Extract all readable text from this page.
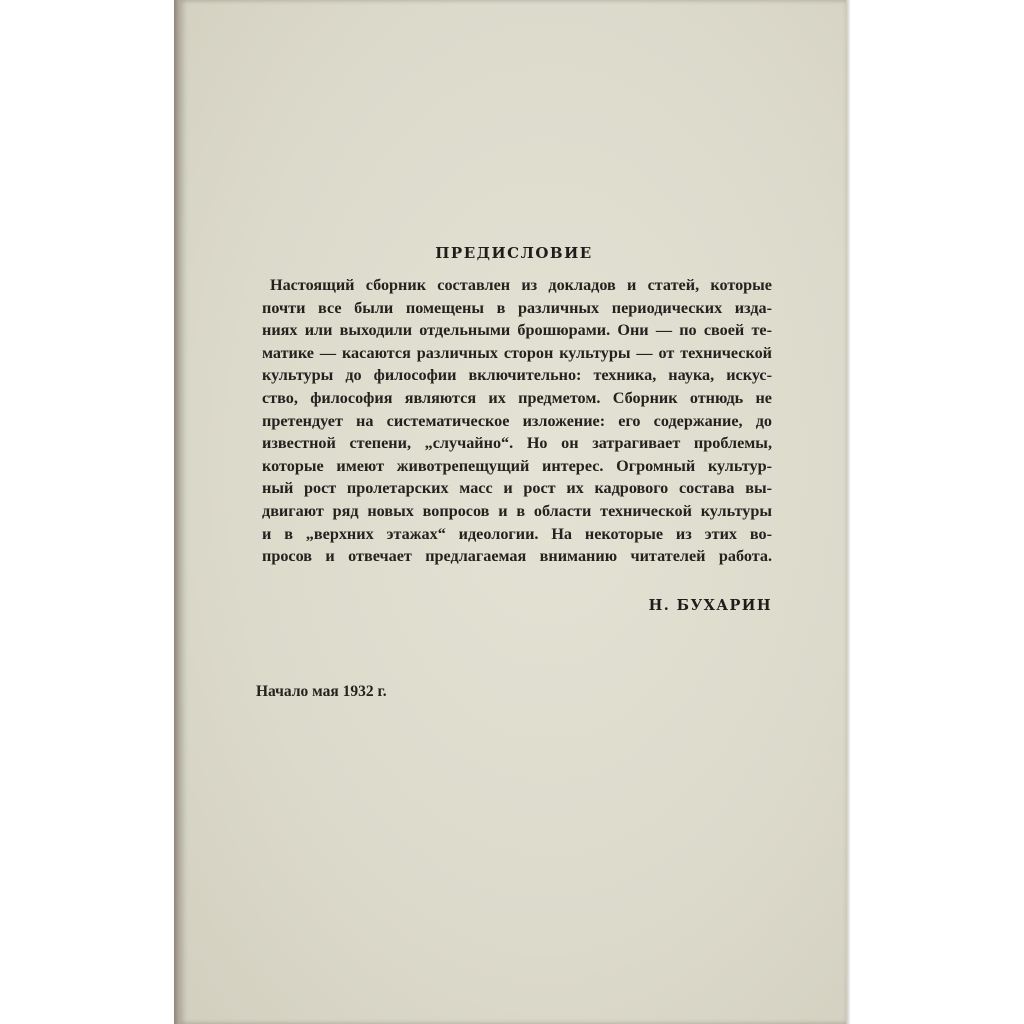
ПРЕДИСЛОВИЕ
Настоящий сборник составлен из докладов и статей, которые
почти все были помещены в различных периодических изда-
ниях или выходили отдельными брошюрами. Они — по своей те-
матике — касаются различных сторон культуры — от технической
культуры до философии включительно: техника, наука, искус-
ство, философия являются их предметом. Сборник отнюдь не
претендует на систематическое изложение: его содержание, до
известной степени, „случайно“. Но он затрагивает проблемы,
которые имеют животрепещущий интерес. Огромный культур-
ный рост пролетарских масс и рост их кадрового состава вы-
двигают ряд новых вопросов и в области технической культуры
и в „верхних этажах“ идеологии. На некоторые из этих во-
просов и отвечает предлагаемая вниманию читателей работа.
Н. БУХАРИН
Начало мая 1932 г.
